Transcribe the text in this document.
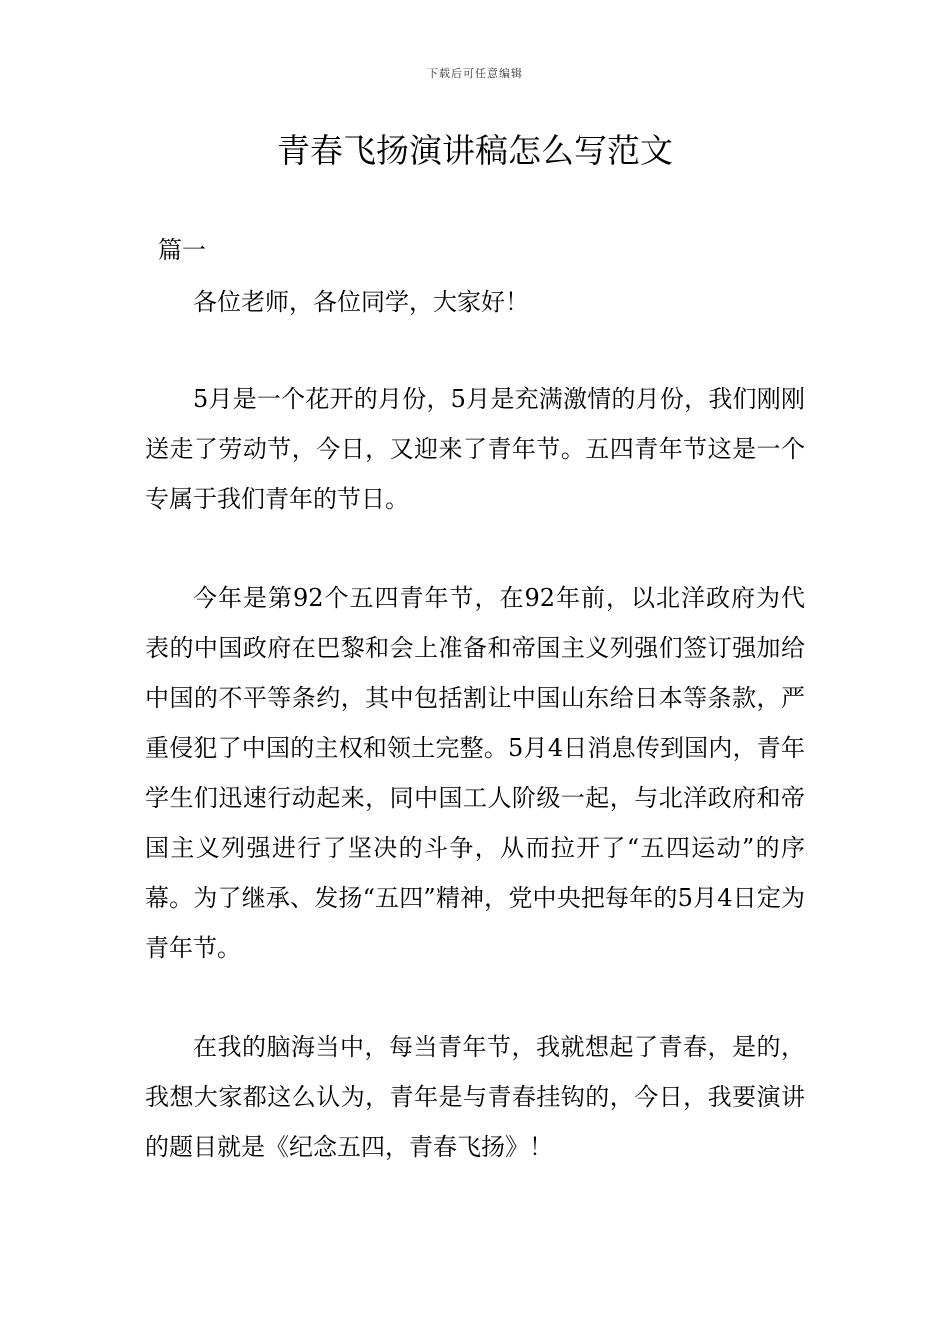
下载后可任意编辑
青春飞扬演讲稿怎么写范文
篇一

各位老师，各位同学，大家好！

5月是一个花开的月份，5月是充满激情的月份，我们刚刚送走了劳动节，今日，又迎来了青年节。五四青年节这是一个专属于我们青年的节日。

今年是第92个五四青年节，在92年前，以北洋政府为代表的中国政府在巴黎和会上准备和帝国主义列强们签订强加给中国的不平等条约，其中包括割让中国山东给日本等条款，严重侵犯了中国的主权和领土完整。5月4日消息传到国内，青年学生们迅速行动起来，同中国工人阶级一起，与北洋政府和帝国主义列强进行了坚决的斗争，从而拉开了“五四运动”的序幕。为了继承、发扬“五四”精神，党中央把每年的5月4日定为青年节。

在我的脑海当中，每当青年节，我就想起了青春，是的，我想大家都这么认为，青年是与青春挂钩的，今日，我要演讲的题目就是《纪念五四，青春飞扬》！
